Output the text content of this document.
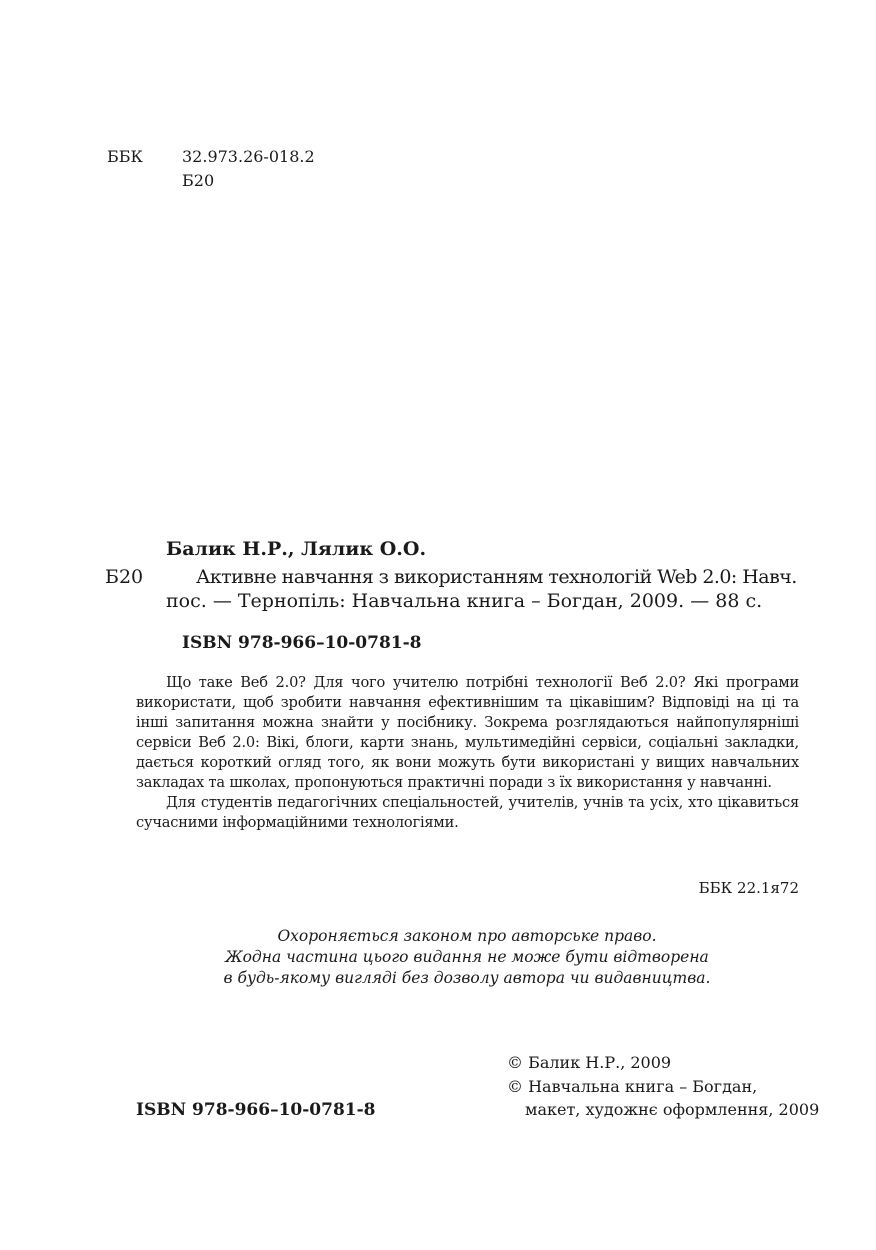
ББК 32.973.26-018.2
Б20
Балик Н.Р., Лялик О.О.
Б20	Активне навчання з використанням технологій Web 2.0: Навч.
пос. — Тернопіль: Навчальна книга – Богдан, 2009. — 88 с.
ISBN 978-966–10-0781-8

Що таке Веб 2.0? Для чого учителю потрібні технології Веб 2.0? Які програми використати, щоб зробити навчання ефективнішим та цікавішим? Відповіді на ці та інші запитання можна знайти у посібнику. Зокрема розглядаються найпопулярніші сервіси Веб 2.0: Вікі, блоги, карти знань, мультимедійні сервіси, соціальні закладки, дається короткий огляд того, як вони можуть бути використані у вищих навчальних закладах та школах, пропонуються практичні поради з їх використання у навчанні.

Для студентів педагогічних спеціальностей, учителів, учнів та усіх, хто цікавиться сучасними інформаційними технологіями.

ББК 22.1я72
Охороняється законом про авторське право.
Жодна частина цього видання не може бути відтворена
в будь-якому вигляді без дозволу автора чи видавництва.
© Балик Н.Р., 2009
© Навчальна книга – Богдан,
макет, художнє оформлення, 2009
ISBN 978-966–10-0781-8
